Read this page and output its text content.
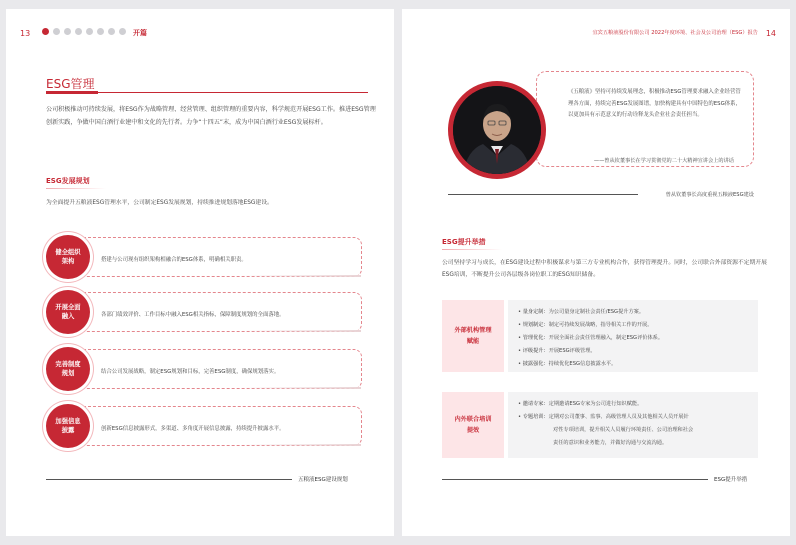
13	开篇
ESG管理

公司积极推动可持续发展，将ESG作为战略管理、经营管理、组织管理的重要内容，科学规范开展ESG工作。推进ESG管理创新实践，争做中国白酒行业建中和文化的先行者。力争“十四五”末，成为中国白酒行业ESG发展标杆。

ESG发展规划

为全面提升五粮液ESG管理水平，公司制定ESG发展规划，持续推进规划落地ESG建设。

搭建与公司现有组织架构相融合的ESG体系，明确相关职责。
健全组织架构
各部门绩效评价、工作目标中融入ESG相关指标，保障制度规划的全面落地。
开展全面融入
结合公司发展战略，制定ESG规划和目标，完善ESG制度，确保规划落实。
完善制度规划
创新ESG信息披露形式，多渠道、多角度开展信息披露，持续提升披露水平。
加强信息披露
五粮液ESG建设规划
宜宾五粮液股份有限公司 2022年度环境、社会及公司治理（ESG）报告 14

《五粮液》坚持可持续发展理念，积极推动ESG管理要求融入企业经营管理各方面，持续完善ESG发展图谱，加快构建具有中国特色的ESG体系，以更加具有示范意义的行动诠释龙头企业社会责任担当。

——曾从钦董事长在学习贯彻党的二十大精神宣讲会上的讲话
曾从钦董事长高度重视五粮液ESG建设
ESG提升举措

公司坚持学习与成长，在ESG建设过程中积极谋求与第三方专业机构合作，获得管理提升。同时，公司联合外部资源不定期开展ESG培训，不断提升公司各层级各岗位职工的ESG知识储备。

外部机构管理赋能
• 量身定制：为公司量身定制社会责任/ESG提升方案。
• 规划制定：制定可持续发展战略，指导相关工作的开展。
• 管理优化：开展全面社会责任管理融入，制定ESG评价体系。
• 评级提升：开展ESG评级管理。
• 披露强化：持续优化ESG信息披露水平。
内外联合培训提效
• 邀请专家：定期邀请ESG专家为公司进行知识赋能。
• 专题培训：定期对公司董事、监事、高级管理人员及其他相关人员开展针
对性专项培训，提升相关人员履行环境责任、公司治理和社会
责任的意识和业务能力，并做好沟通与交流沟通。
ESG提升举措
